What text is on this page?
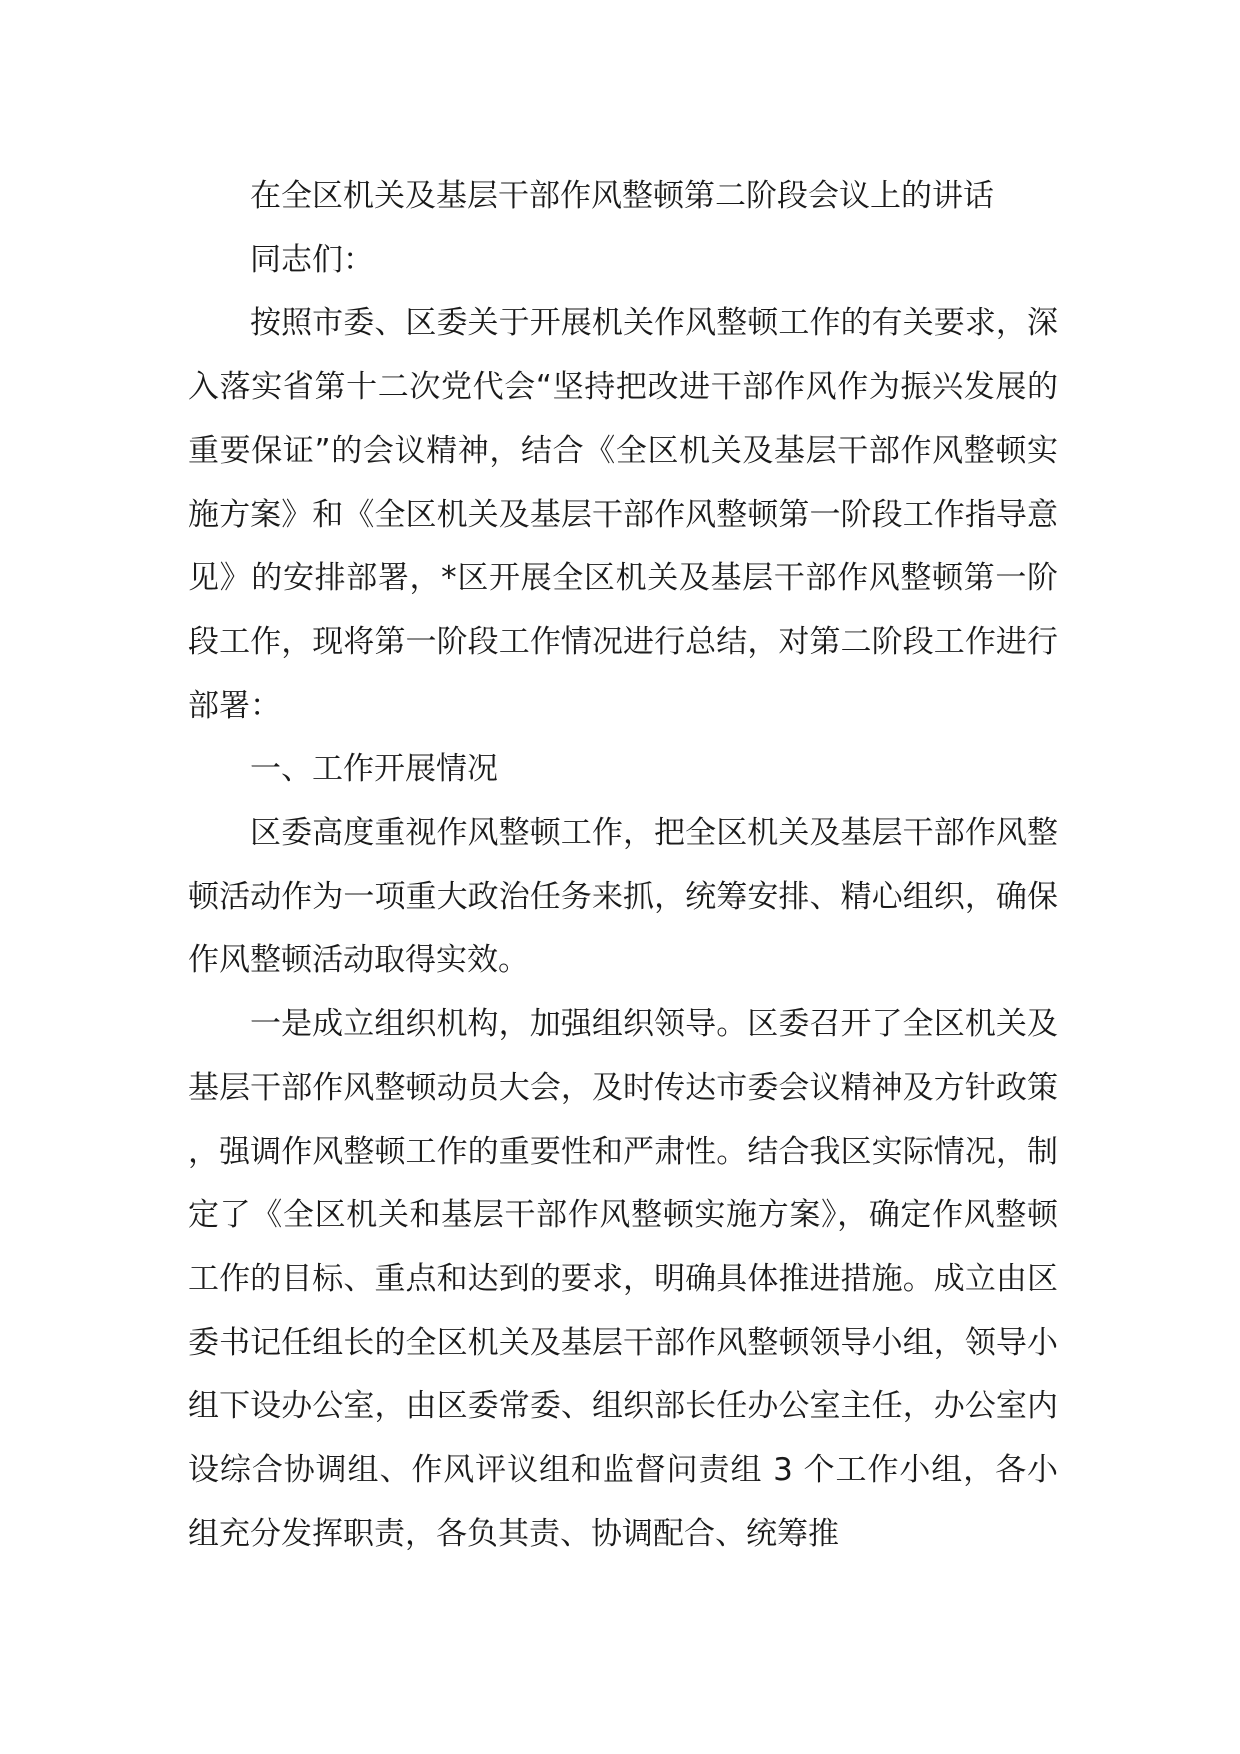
在全区机关及基层干部作风整顿第二阶段会议上的讲话

同志们：

按照市委、区委关于开展机关作风整顿工作的有关要求，深入落实省第十二次党代会“坚持把改进干部作风作为振兴发展的重要保证”的会议精神，结合《全区机关及基层干部作风整顿实施方案》和《全区机关及基层干部作风整顿第一阶段工作指导意见》的安排部署，*区开展全区机关及基层干部作风整顿第一阶段工作，现将第一阶段工作情况进行总结，对第二阶段工作进行部署：

一、工作开展情况

区委高度重视作风整顿工作，把全区机关及基层干部作风整顿活动作为一项重大政治任务来抓，统筹安排、精心组织，确保作风整顿活动取得实效。

一是成立组织机构，加强组织领导。区委召开了全区机关及基层干部作风整顿动员大会，及时传达市委会议精神及方针政策，强调作风整顿工作的重要性和严肃性。结合我区实际情况，制定了《全区机关和基层干部作风整顿实施方案》，确定作风整顿工作的目标、重点和达到的要求，明确具体推进措施。成立由区委书记任组长的全区机关及基层干部作风整顿领导小组，领导小组下设办公室，由区委常委、组织部长任办公室主任，办公室内设综合协调组、作风评议组和监督问责组 3 个工作小组，各小组充分发挥职责，各负其责、协调配合、统筹推
